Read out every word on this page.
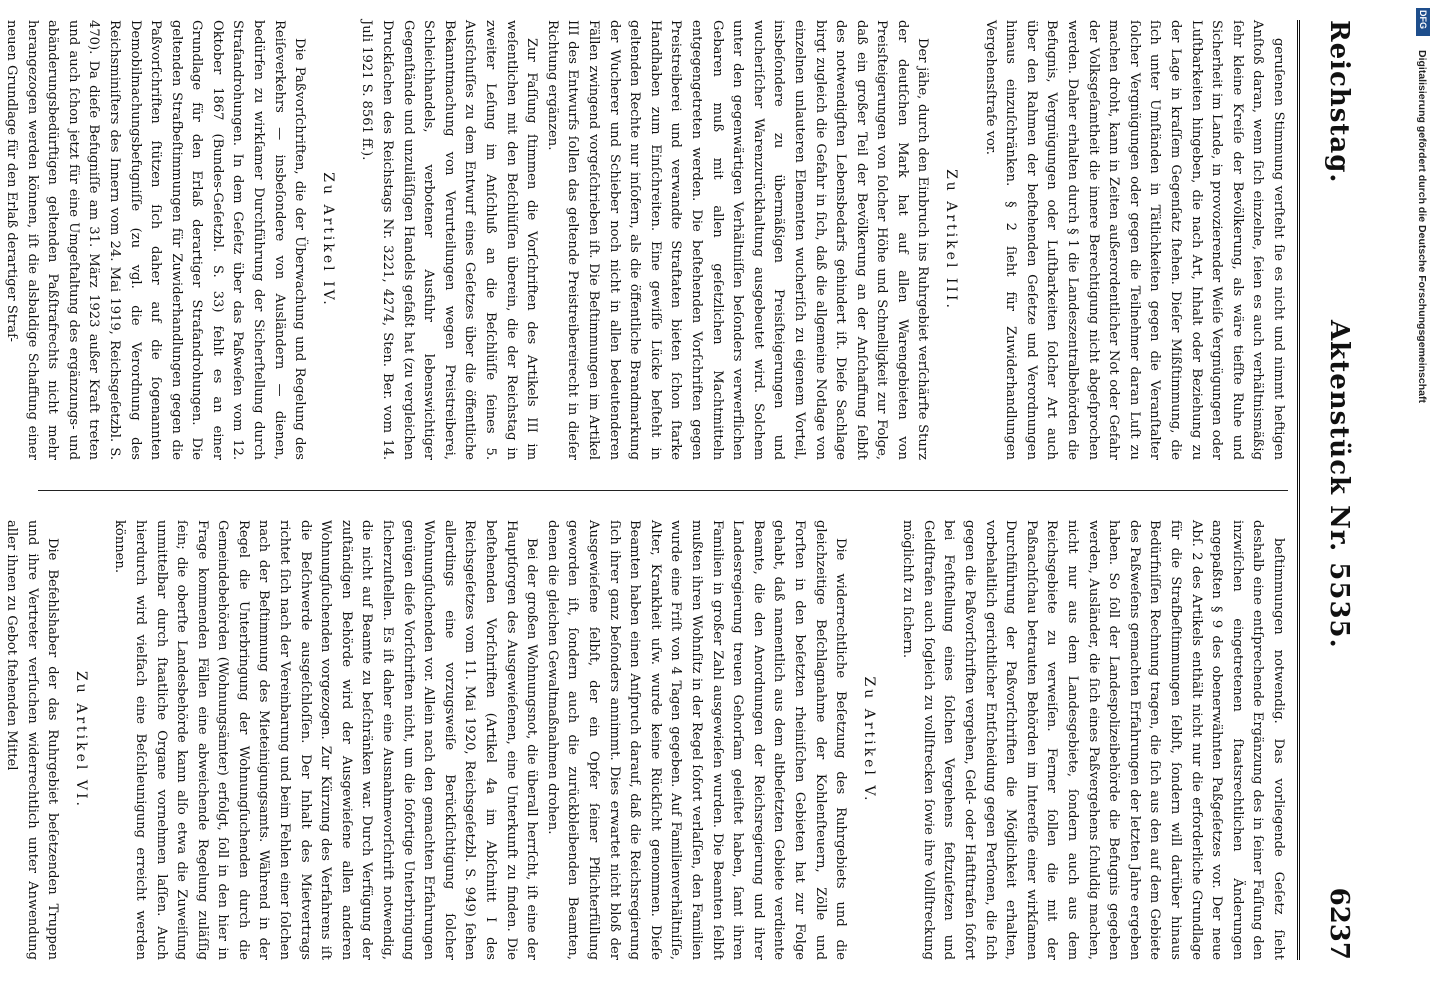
Reichstag.
Aktenstück Nr. 5535.
6237

geruſenen Stimmung verſteht ſie es nicht und nimmt heftigen Anſtoß daran, wenn ſich einzelne, ſeien es auch verhältnismäßig ſehr kleine Kreiſe der Bevölkerung, als wäre tiefſte Ruhe und Sicherheit im Lande, in provozierender Weiſe Vergnügungen oder Luſtbarkeiten hingeben, die nach Art, Inhalt oder Beziehung zu der Lage in kraſſem Gegenſatz ſtehen. Dieſer Mißſtimmung, die ſich unter Umſtänden in Tätlichkeiten gegen die Veranſtalter ſolcher Vergnügungen oder gegen die Teilnehmer daran Luſt zu machen droht, kann in Zeiten außerordentlicher Not oder Gefahr der Volksgeſamtheit die innere Berechtigung nicht abgeſprochen werden. Daher erhalten durch § 1 die Landeszentralbehörden die Befugnis, Vergnügungen oder Luſtbarkeiten ſolcher Art auch über den Rahmen der beſtehenden Geſetze und Verordnungen hinaus einzuſchränken. § 2 ſieht für Zuwiderhandlungen Vergehensſtrafe vor.

Zu Artikel III.

Der jähe, durch den Einbruch ins Ruhrgebiet verſchärfte Sturz der deutſchen Mark hat auf allen Warengebieten von Preisſteigerungen von ſolcher Höhe und Schnelligkeit zur Folge, daß ein großer Teil der Bevölkerung an der Anſchaffung ſelbſt des notwendigſten Lebensbedarfs gehindert iſt. Dieſe Sachlage birgt zugleich die Gefahr in ſich, daß die allgemeine Notlage von einzelnen unlauteren Elementen wucheriſch zu eigenem Vorteil, insbeſondere zu übermäßigen Preisſteigerungen und wucheriſcher Warenzurückhaltung ausgebeutet wird. Solchem unter den gegenwärtigen Verhältniſſen beſonders verwerflichen Gebaren muß mit allen geſetzlichen Machtmitteln entgegengetreten werden. Die beſtehenden Vorſchriften gegen Preistreiberei und verwandte Straftaten bieten ſchon ſtarke Handhaben zum Einſchreiten. Eine gewiſſe Lücke beſteht in geltenden Rechte nur inſofern, als die öffentliche Brandmarkung der Wucherer und Schieber noch nicht in allen bedeutenderen Fällen zwingend vorgeſchrieben iſt. Die Beſtimmungen im Artikel III des Entwurfs ſollen das geltende Preistreibereirecht in dieſer Richtung ergänzen.

Zur Faſſung ſtimmen die Vorſchriften des Artikels III im weſentlichen mit den Beſchlüſſen überein, die der Reichstag in zweiter Leſung im Anſchluß an die Beſchlüſſe ſeines 5. Ausſchuſſes zu dem Entwurf eines Geſetzes über die öffentliche Bekanntmachung von Verurteilungen wegen Preistreiberei, Schleichhandels, verbotener Ausfuhr lebenswichtiger Gegenſtände und unzuläſſigen Handels gefaßt hat (zu vergleichen Druckſachen des Reichstags Nr. 3221, 4274, Sten. Ber. vom 14. Juli 1921 S. 8561 ff.).

Zu Artikel IV.

Die Paßvorſchriften, die der Überwachung und Regelung des Reiſeverkehrs — insbeſondere von Ausländern — dienen, bedürfen zu wirkſamer Durchführung der Sicherſtellung durch Strafandrohungen. In dem Geſetz über das Paßweſen vom 12. Oktober 1867 (Bundes-Geſetzbl. S. 33) fehlt es an einer Grundlage für den Erlaß derartiger Strafandrohungen. Die geltenden Strafbeſtimmungen für Zuwiderhandlungen gegen die Paßvorſchriften ſtützen ſich daher auf die ſogenannten Demobilmachungsbefugniſſe (zu vgl. die Verordnung des Reichsminiſters des Innern vom 24. Mai 1919, Reichsgeſetzbl. S. 470). Da dieſe Befugniſſe am 31. März 1923 außer Kraft treten und auch ſchon jetzt für eine Umgeſtaltung des ergänzungs- und abänderungsbedürftigen geltenden Paßſtrafrechts nicht mehr herangezogen werden können, iſt die alsbaldige Schaffung einer neuen Grundlage für den Erlaß derartiger Straf-

beſtimmungen notwendig. Das vorliegende Geſetz ſieht deshalb eine entſprechende Ergänzung des in ſeiner Faſſung den inzwiſchen eingetretenen ſtaatsrechtlichen Änderungen angepaßten § 9 des obenerwähnten Paßgeſetzes vor. Der neue Abſ. 2 des Artikels enthält nicht nur die erforderliche Grundlage für die Strafbeſtimmungen ſelbſt, ſondern will darüber hinaus Bedürfniſſen Rechnung tragen, die ſich aus den auf dem Gebiete des Paßweſens gemachten Erfahrungen der letzten Jahre ergeben haben. So ſoll der Landespolizeibehörde die Befugnis gegeben werden, Ausländer, die ſich eines Paßvergehens ſchuldig machen, nicht nur aus dem Landesgebiete, ſondern auch aus dem Reichsgebiete zu verweiſen. Ferner ſollen die mit der Paßnachſchau betrauten Behörden im Intereſſe einer wirkſamen Durchführung der Paßvorſchriften die Möglichkeit erhalten, vorbehaltlich gerichtlicher Entſcheidung gegen Perſonen, die ſich gegen die Paßvorſchriften vergehen, Geld- oder Haftſtrafen ſofort bei Feſtſtellung eines ſolchen Vergehens feſtzuſetzen und Geldſtrafen auch ſogleich zu vollſtrecken ſowie ihre Vollſtreckung möglichſt zu ſichern.

Zu Artikel V.

Die widerrechtliche Beſetzung des Ruhrgebiets und die gleichzeitige Beſchlagnahme der Kohlenſteuern, Zölle und Forſten in den beſetzten rheiniſchen Gebieten hat zur Folge gehabt, daß namentlich aus dem altbeſetzten Gebiete verdiente Beamte, die den Anordnungen der Reichsregierung und ihrer Landesregierung treuen Gehorſam geleiſtet haben, ſamt ihren Familien in großer Zahl ausgewieſen wurden. Die Beamten ſelbſt mußten ihren Wohnſitz in der Regel ſofort verlaſſen, den Familien wurde eine Friſt von 4 Tagen gegeben. Auf Familienverhältniſſe, Alter, Krankheit uſw. wurde keine Rückſicht genommen. Dieſe Beamten haben einen Anſpruch darauf, daß die Reichsregierung ſich ihrer ganz beſonders annimmt. Dies erwartet nicht bloß der Ausgewieſene ſelbſt, der ein Opfer ſeiner Pflichterfüllung geworden iſt, ſondern auch die zurückbleibenden Beamten, denen die gleichen Gewaltmaßnahmen drohen.

Bei der großen Wohnungsnot, die überall herrſcht, iſt eine der Hauptſorgen des Ausgewieſenen, eine Unterkunft zu finden. Die beſtehenden Vorſchriften (Artikel 4a im Abſchnitt I des Reichsgeſetzes vom 11. Mai 1920, Reichsgeſetzbl. S. 949) ſehen allerdings eine vorzugsweiſe Berückſichtigung ſolcher Wohnungſuchenden vor. Allein nach den gemachten Erfahrungen genügen dieſe Vorſchriften nicht, um die ſofortige Unterbringung ſicherzuſtellen. Es iſt daher eine Ausnahmevorſchrift notwendig, die nicht auf Beamte zu beſchränken war. Durch Verfügung der zuſtändigen Behörde wird der Ausgewieſene allen anderen Wohnungſuchenden vorgezogen. Zur Kürzung des Verfahrens iſt die Beſchwerde ausgeſchloſſen. Der Inhalt des Mietvertrags richtet ſich nach der Vereinbarung und beim Fehlen einer ſolchen nach der Beſtimmung des Mieteinigungsamts. Während in der Regel die Unterbringung der Wohnungſuchenden durch die Gemeindebehörden (Wohnungsämter) erfolgt, ſoll in den hier in Frage kommenden Fällen eine abweichende Regelung zuläſſig ſein; die oberſte Landesbehörde kann alſo etwa die Zuweiſung unmittelbar durch ſtaatliche Organe vornehmen laſſen. Auch hierdurch wird vielfach eine Beſchleunigung erreicht werden können.

Zu Artikel VI.

Die Befehlshaber der das Ruhrgebiet beſetzenden Truppen und ihre Vertreter verſuchen widerrechtlich unter Anwendung aller ihnen zu Gebot ſtehenden Mittel

DFG
Digitalisierung gefördert durch die Deutsche Forschungsgemeinschaft
